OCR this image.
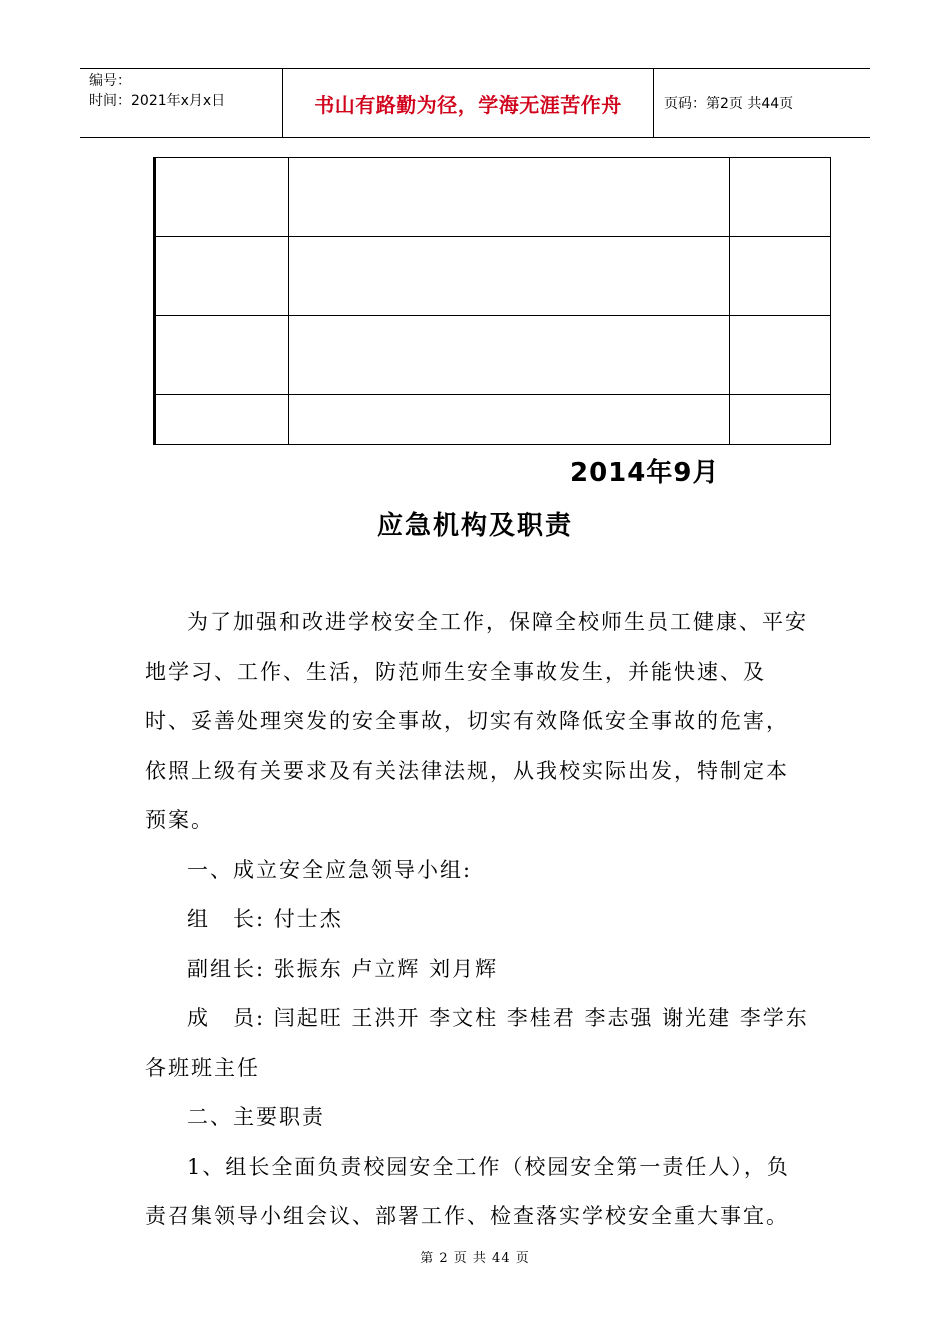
编号：
时间：2021年x月x日	书山有路勤为径，学海无涯苦作舟	页码：第2页 共44页

2014年9月
应急机构及职责

为了加强和改进学校安全工作，保障全校师生员工健康、平安地学习、工作、生活，防范师生安全事故发生，并能快速、及时、妥善处理突发的安全事故，切实有效降低安全事故的危害，依照上级有关要求及有关法律法规，从我校实际出发，特制定本预案。

一、成立安全应急领导小组:

组　长: 付士杰

副组长: 张振东 卢立辉 刘月辉

成　员: 闫起旺 王洪开 李文柱 李桂君 李志强 谢光建 李学东各班班主任

二、主要职责

1、组长全面负责校园安全工作（校园安全第一责任人），负责召集领导小组会议、部署工作、检查落实学校安全重大事宜。

第 2 页 共 44 页
